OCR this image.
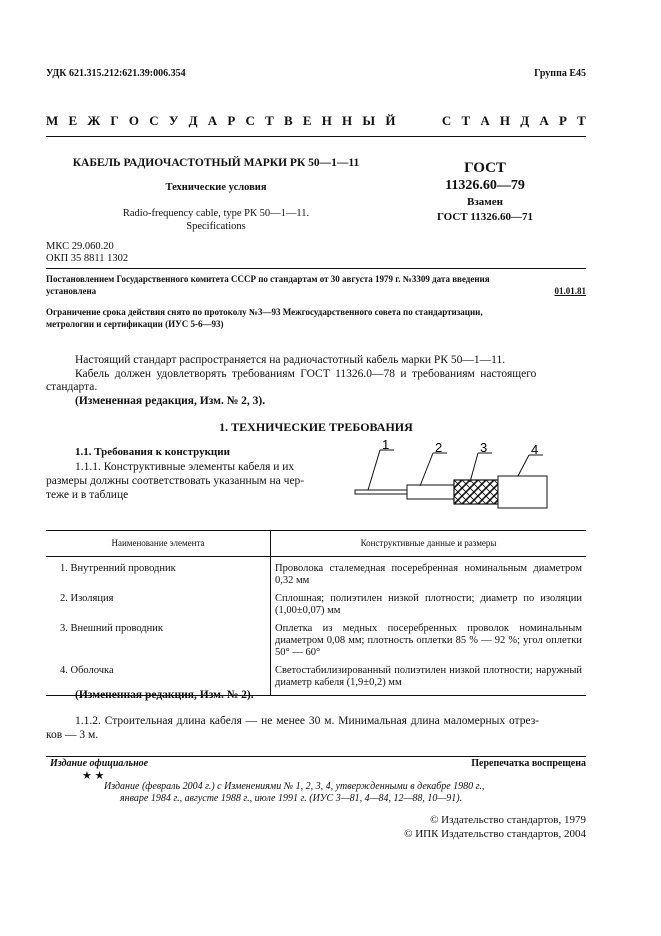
УДК 621.315.212:621.39:006.354	Группа Е45
М Е Ж Г О С У Д А Р С Т В Е Н Н Ы Й	С Т А Н Д А Р Т
КАБЕЛЬ РАДИОЧАСТОТНЫЙ МАРКИ РК 50—1—11
Технические условия
Radio-frequency cable, type РК 50—1—11.
Specifications
ГОСТ
11326.60—79
Взамен
ГОСТ 11326.60—71
МКС 29.060.20
ОКП 35 8811 1302
Постановлением Государственного комитета СССР по стандартам от 30 августа 1979 г. №3309 дата введения
установлена	01.01.81
Ограничение срока действия снято по протоколу №3—93 Межгосударственного совета по стандартизации,
метрологии и сертификации (ИУС 5-6—93)
Настоящий стандарт распространяется на радиочастотный кабель марки РК 50—1—11.
Кабель должен удовлетворять требованиям ГОСТ 11326.0—78 и требованиям настоящего
стандарта.
(Измененная редакция, Изм. № 2, 3).
1. ТЕХНИЧЕСКИЕ ТРЕБОВАНИЯ
1.1. Требования к конструкции
1.1.1. Конструктивные элементы кабеля и их
размеры должны соответствовать указанным на чер-
теже и в таблице
1	2	3	4
Наименование элемента	Конструктивные данные и размеры
1. Внутренний проводник	Проволока сталемедная посеребренная номинальным диаметром 0,32 мм
2. Изоляция	Сплошная; полиэтилен низкой плотности; диаметр по изоляции (1,00±0,07) мм
3. Внешний проводник	Оплетка из медных посеребренных проволок номинальным диаметром 0,08 мм; плотность оплетки 85 % — 92 %; угол оплетки 50° — 60°
4. Оболочка	Светостабилизированный полиэтилен низкой плотности; наружный диаметр кабеля (1,9±0,2) мм
(Измененная редакция, Изм. № 2).
1.1.2. Строительная длина кабеля — не менее 30 м. Минимальная длина маломерных отрез-
ков — 3 м.
Издание официальное	Перепечатка воспрещена
★ ★
Издание (февраль 2004 г.) с Изменениями № 1, 2, 3, 4, утвержденными в декабре 1980 г.,
январе 1984 г., августе 1988 г., июле 1991 г. (ИУС 3—81, 4—84, 12—88, 10—91).
© Издательство стандартов, 1979
© ИПК Издательство стандартов, 2004
